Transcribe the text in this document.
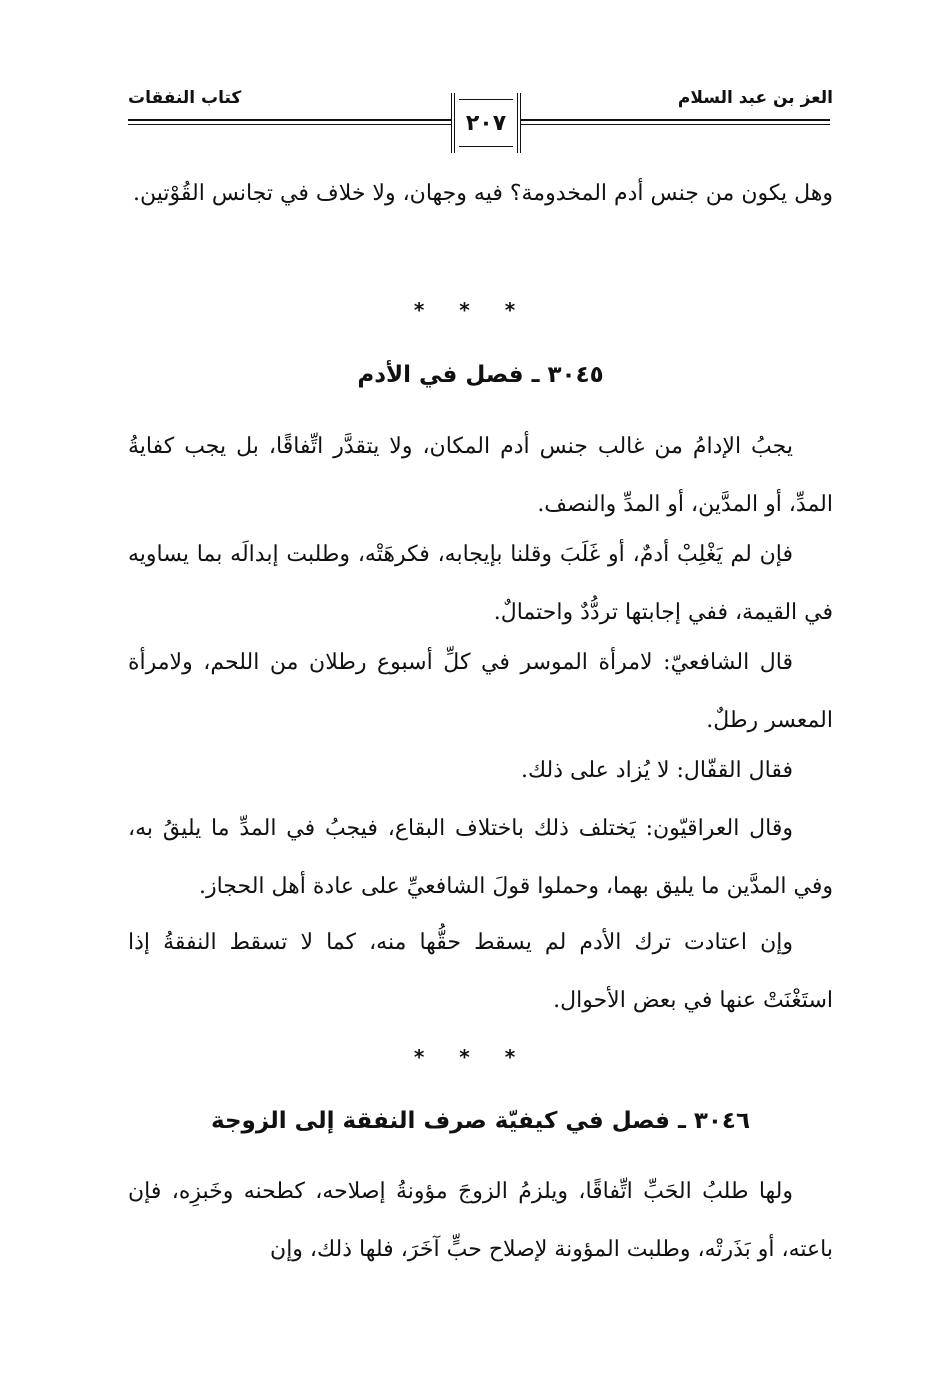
العز بن عبد السلام
كتاب النفقات
٢٠٧
وهل يكون من جنس أدم المخدومة؟ فيه وجهان، ولا خلاف في تجانس القُوْتين.
* * *
٣٠٤٥ ـ فصل في الأدم
يجبُ الإدامُ من غالب جنس أدم المكان، ولا يتقدَّر اتِّفاقًا، بل يجب كفايةُ المدِّ، أو المدَّين، أو المدِّ والنصف.
فإن لم يَغْلِبْ أدمٌ، أو غَلَبَ وقلنا بإيجابه، فكرهَتْه، وطلبت إبدالَه بما يساويه في القيمة، ففي إجابتها تردُّدٌ واحتمالٌ.
قال الشافعيّ: لامرأة الموسر في كلِّ أسبوع رطلان من اللحم، ولامرأة المعسر رطلٌ.
فقال القفّال: لا يُزاد على ذلك.
وقال العراقيّون: يَختلف ذلك باختلاف البقاع، فيجبُ في المدِّ ما يليقُ به، وفي المدَّين ما يليق بهما، وحملوا قولَ الشافعيِّ على عادة أهل الحجاز.
وإن اعتادت ترك الأدم لم يسقط حقُّها منه، كما لا تسقط النفقةُ إذا استَغْنَتْ عنها في بعض الأحوال.
* * *
٣٠٤٦ ـ فصل في كيفيّة صرف النفقة إلى الزوجة
ولها طلبُ الحَبِّ اتِّفاقًا، ويلزمُ الزوجَ مؤونةُ إصلاحه، كطحنه وخَبزِه، فإن باعته، أو بَذَرتْه، وطلبت المؤونة لإصلاح حبٍّ آخَرَ، فلها ذلك، وإن
